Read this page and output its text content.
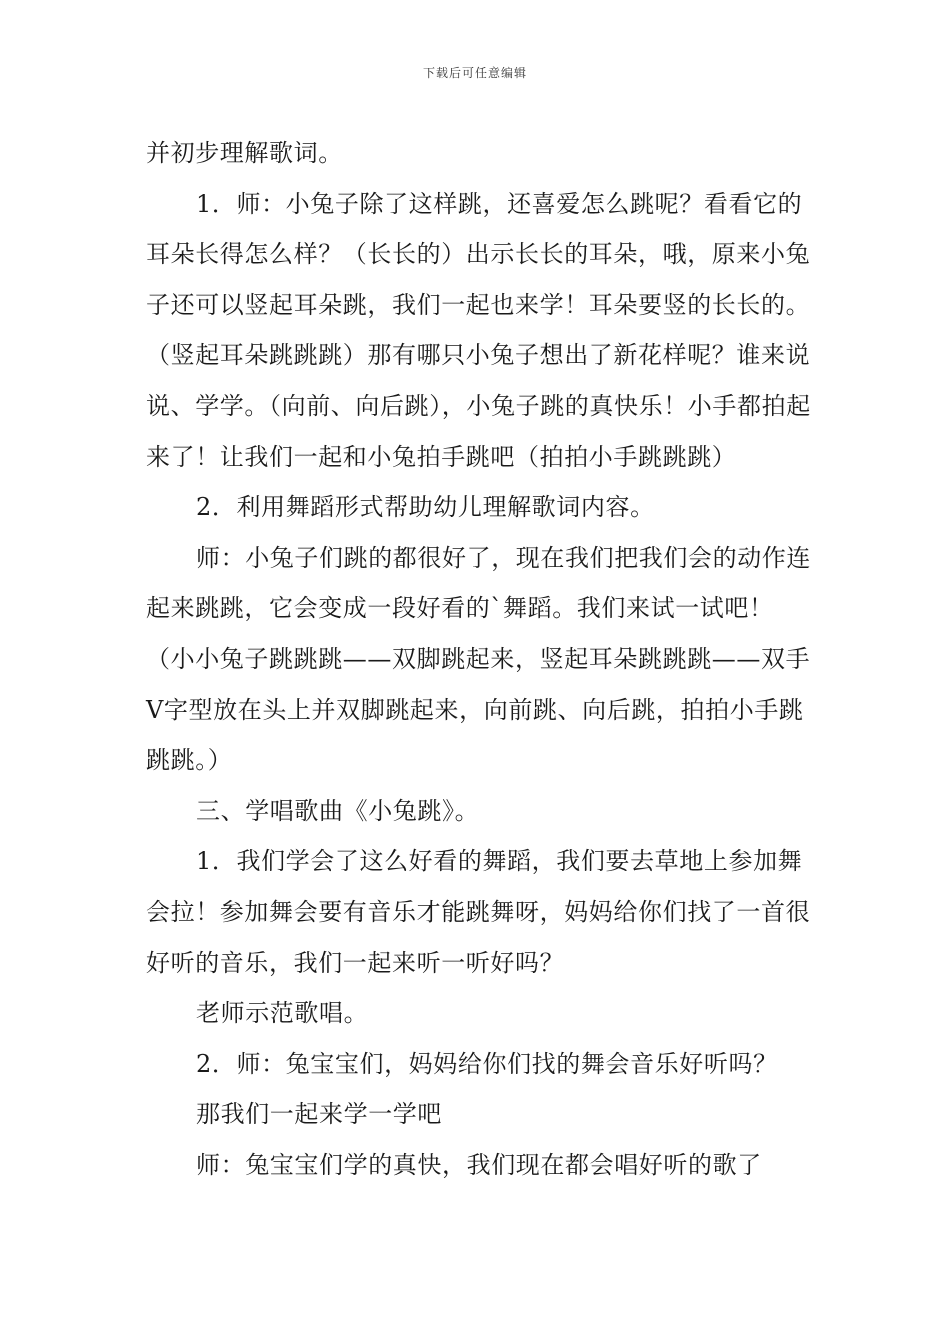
下载后可任意编辑

并初步理解歌词。

1．师：小兔子除了这样跳，还喜爱怎么跳呢？看看它的耳朵长得怎么样？（长长的）出示长长的耳朵，哦，原来小兔子还可以竖起耳朵跳，我们一起也来学！耳朵要竖的长长的。（竖起耳朵跳跳跳）那有哪只小兔子想出了新花样呢？谁来说说、学学。（向前、向后跳），小兔子跳的真快乐！小手都拍起来了！让我们一起和小兔拍手跳吧（拍拍小手跳跳跳）

2．利用舞蹈形式帮助幼儿理解歌词内容。

师：小兔子们跳的都很好了，现在我们把我们会的动作连起来跳跳，它会变成一段好看的`舞蹈。我们来试一试吧！（小小兔子跳跳跳——双脚跳起来，竖起耳朵跳跳跳——双手V字型放在头上并双脚跳起来，向前跳、向后跳，拍拍小手跳跳跳。）

三、学唱歌曲《小兔跳》。

1．我们学会了这么好看的舞蹈，我们要去草地上参加舞会拉！参加舞会要有音乐才能跳舞呀，妈妈给你们找了一首很好听的音乐，我们一起来听一听好吗？

老师示范歌唱。

2．师：兔宝宝们，妈妈给你们找的舞会音乐好听吗？

那我们一起来学一学吧

师：兔宝宝们学的真快，我们现在都会唱好听的歌了
